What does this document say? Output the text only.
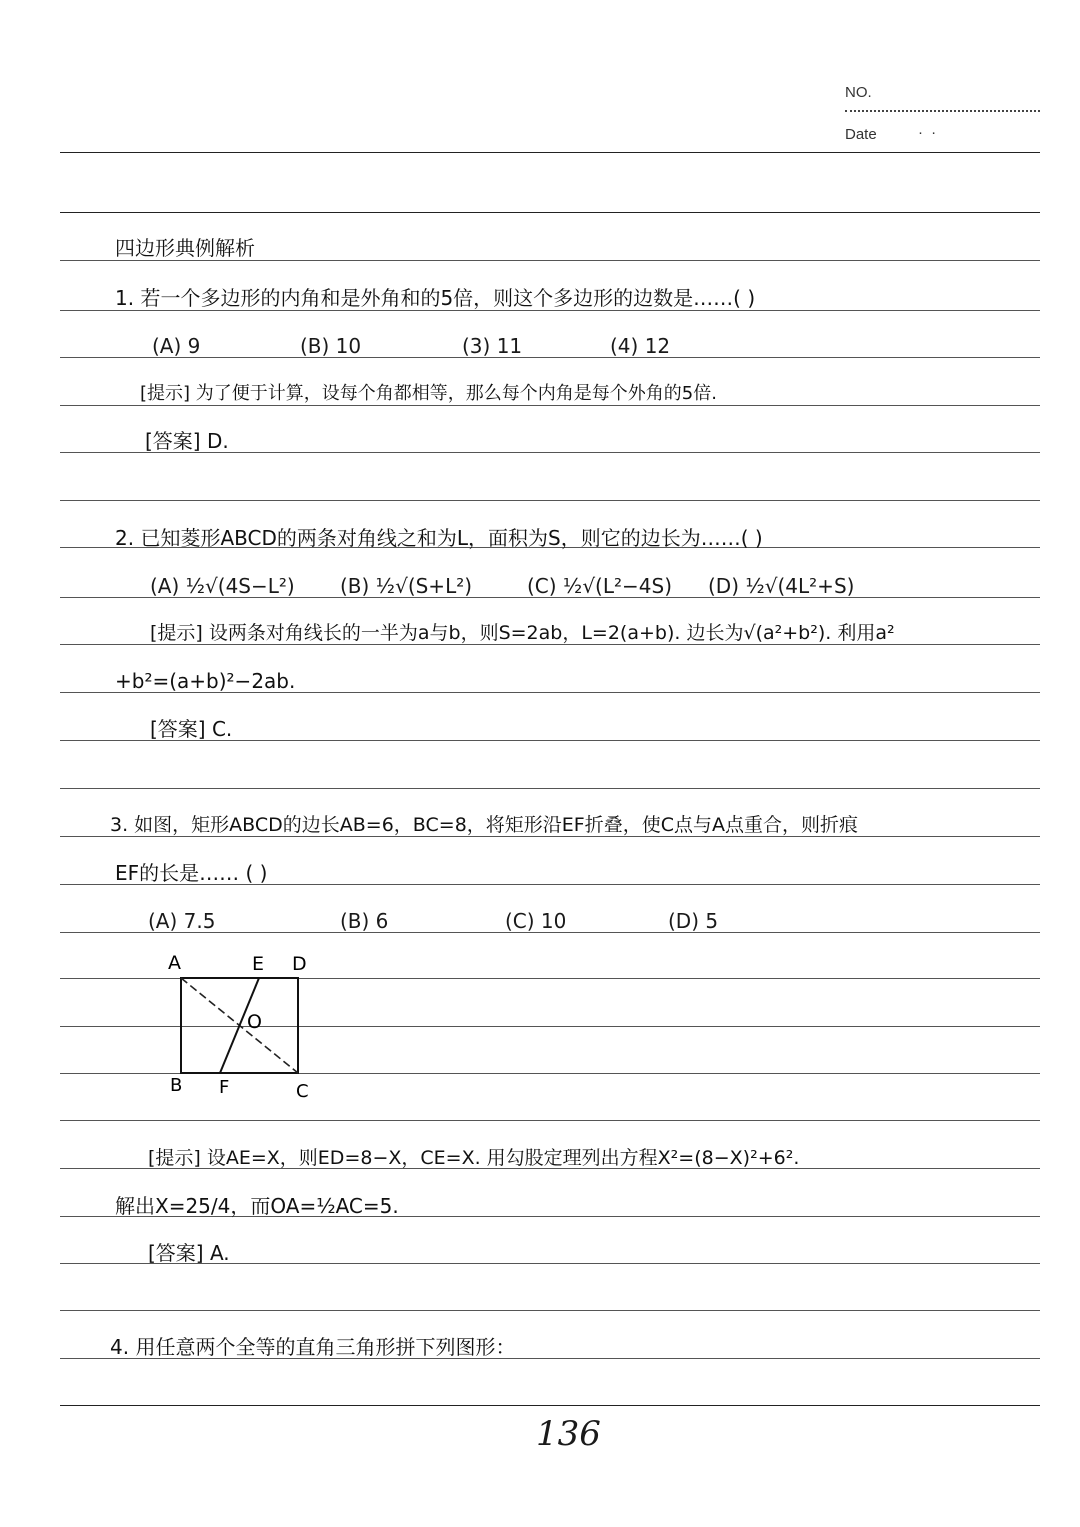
NO.
Date	· ·
四边形典例解析
1. 若一个多边形的内角和是外角和的5倍，则这个多边形的边数是……( )
(A) 9	(B) 10	(3) 11	(4) 12
[提示] 为了便于计算，设每个角都相等，那么每个内角是每个外角的5倍.
[答案] D.
2. 已知菱形ABCD的两条对角线之和为L，面积为S，则它的边长为……( )
(A) ½√(4S−L²) (B) ½√(S+L²)	(C) ½√(L²−4S) (D) ½√(4L²+S)
[提示] 设两条对角线长的一半为a与b，则S=2ab，L=2(a+b). 边长为√(a²+b²). 利用a²
+b²=(a+b)²−2ab.
[答案] C.
3. 如图，矩形ABCD的边长AB=6，BC=8，将矩形沿EF折叠，使C点与A点重合，则折痕
EF的长是…… ( )
(A) 7.5	(B) 6	(C) 10	(D) 5
A	E D
O
B F	C
[提示] 设AE=X，则ED=8−X，CE=X. 用勾股定理列出方程X²=(8−X)²+6².
解出X=25/4，而OA=½AC=5.
[答案] A.
4. 用任意两个全等的直角三角形拼下列图形：
136
